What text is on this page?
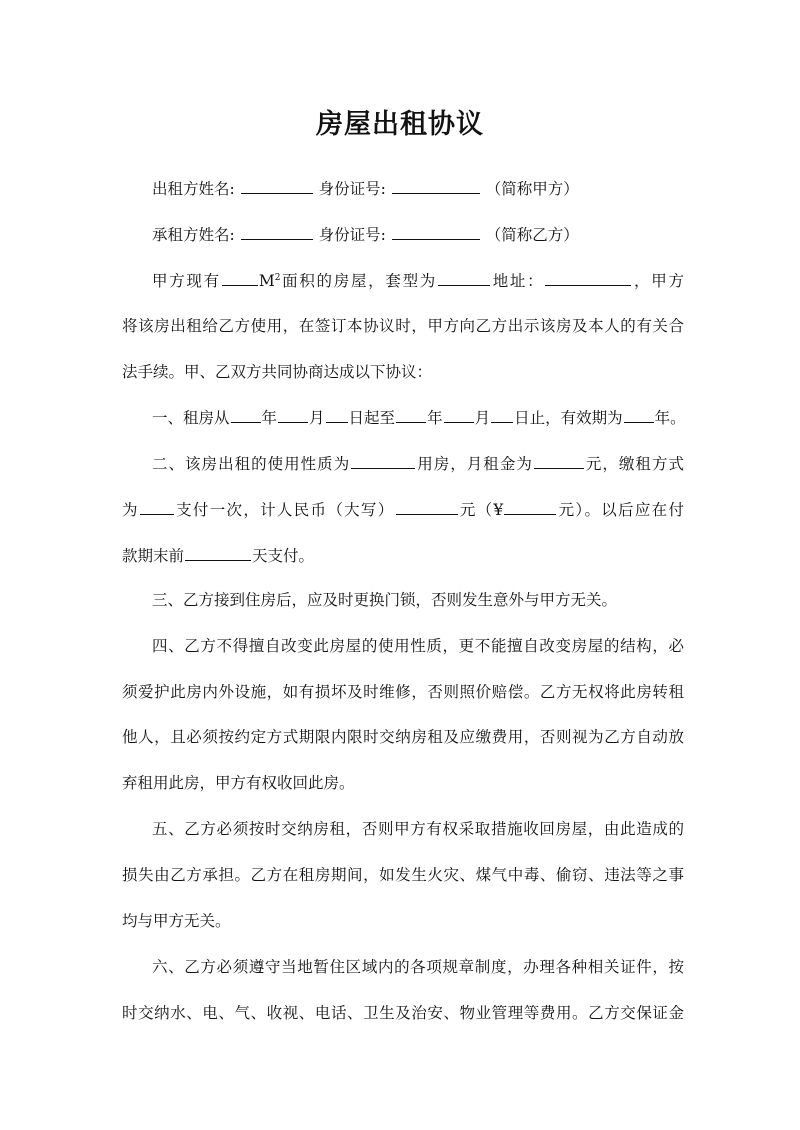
房屋出租协议
出租方姓名:	身份证号:	（简称甲方）
承租方姓名:	身份证号:	（简称乙方）
甲方现有 $M^2$面积的房屋，套型为	地址：	，甲方
将该房出租给乙方使用，在签订本协议时，甲方向乙方出示该房及本人的有关合
法手续。甲、乙双方共同协商达成以下协议：
一、租房从 年 月 日起至 年 月 日止，有效期为 年。
二、该房出租的使用性质为	用房，月租金为	元，缴租方式
为 支付一次，计人民币（大写）	元（¥	元）。以后应在付
款期末前	天支付。
三、乙方接到住房后，应及时更换门锁，否则发生意外与甲方无关。
四、乙方不得擅自改变此房屋的使用性质，更不能擅自改变房屋的结构，必
须爱护此房内外设施，如有损坏及时维修，否则照价赔偿。乙方无权将此房转租
他人，且必须按约定方式期限内限时交纳房租及应缴费用，否则视为乙方自动放
弃租用此房，甲方有权收回此房。
五、乙方必须按时交纳房租，否则甲方有权采取措施收回房屋，由此造成的
损失由乙方承担。乙方在租房期间，如发生火灾、煤气中毒、偷窃、违法等之事
均与甲方无关。
六、乙方必须遵守当地暂住区域内的各项规章制度，办理各种相关证件，按
时交纳水、电、气、收视、电话、卫生及治安、物业管理等费用。乙方交保证金
